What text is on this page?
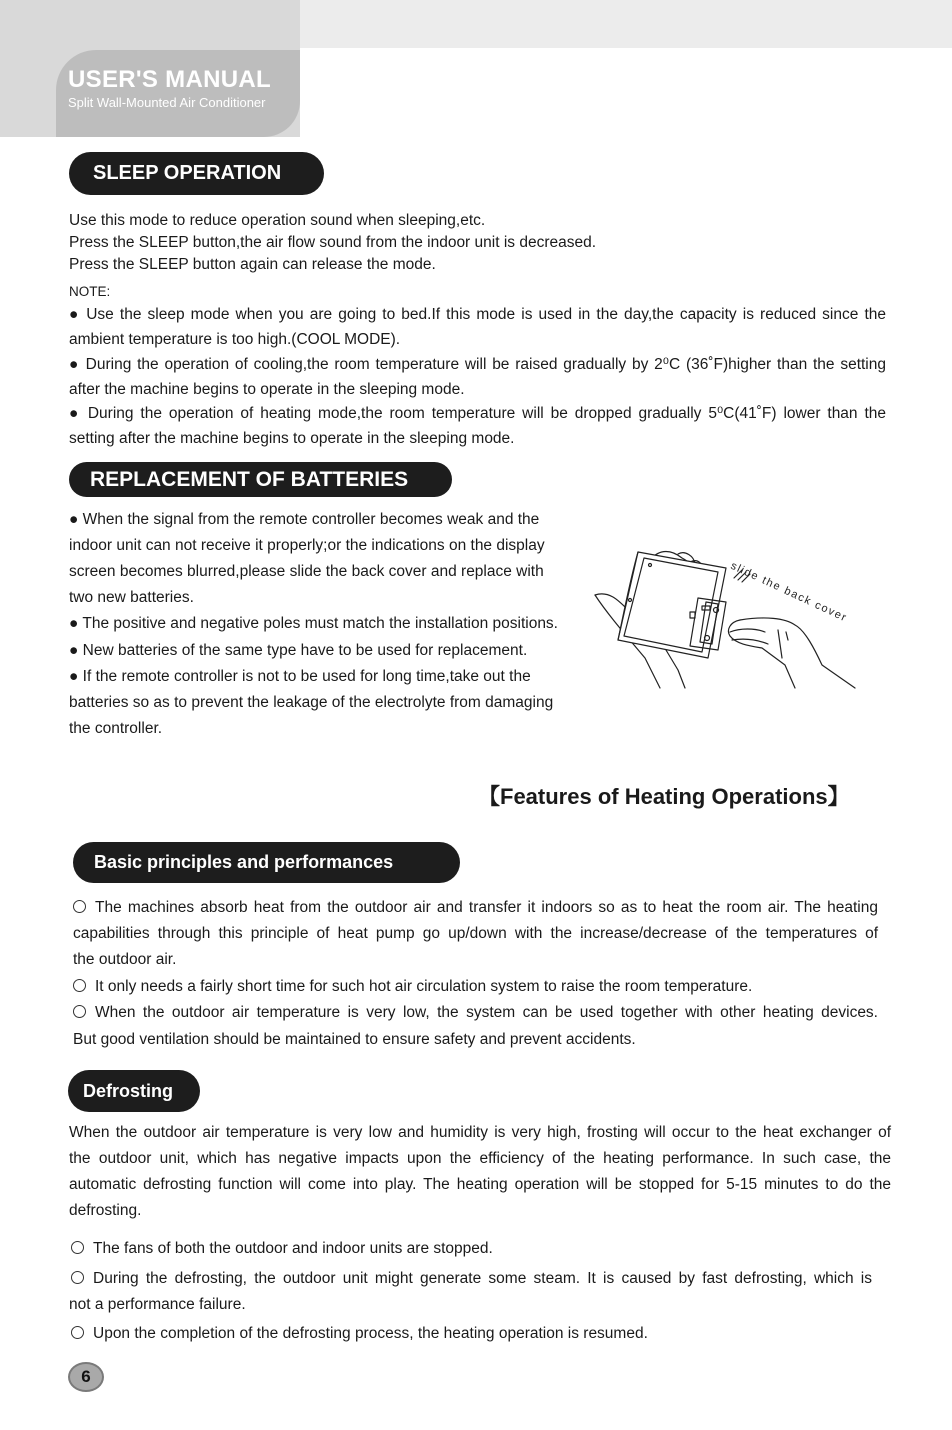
USER'S MANUAL
Split Wall-Mounted Air Conditioner
SLEEP OPERATION
Use this mode to reduce operation sound when sleeping,etc.
Press the SLEEP button,the air flow sound from the indoor unit is decreased.
Press the SLEEP button again can release the mode.
NOTE:
● Use the sleep mode when you are going to bed.If this mode is used in the day,the capacity is reduced since the
ambient temperature is too high.(COOL MODE).
● During the operation of cooling,the room temperature will be raised gradually by 2⁰C (36˚F)higher than the setting
after the machine begins to operate in the sleeping mode.
● During the operation of heating mode,the room temperature will be dropped gradually 5⁰C(41˚F) lower than the
setting after the machine begins to operate in the sleeping mode.
REPLACEMENT OF BATTERIES
● When the signal from the remote controller becomes weak and the
indoor unit can not receive it properly;or the indications on the display
screen becomes blurred,please slide the back cover and replace with
two new batteries.
● The positive and negative poles must match the installation positions.
● New batteries of the same type have to be used for replacement.
● If the remote controller is not to be used for long time,take out the
batteries so as to prevent the leakage of the electrolyte from damaging
the controller.
slide the back cover
【Features of Heating Operations】
Basic principles and performances
The machines absorb heat from the outdoor air and transfer it indoors so as to heat the room air. The heating
capabilities through this principle of heat pump go up/down with the increase/decrease of the temperatures of
the outdoor air.
It only needs a fairly short time for such hot air circulation system to raise the room temperature.
When the outdoor air temperature is very low, the system can be used together with other heating devices.
But good ventilation should be maintained to ensure safety and prevent accidents.
Defrosting
When the outdoor air temperature is very low and humidity is very high, frosting will occur to the heat exchanger of
the outdoor unit, which has negative impacts upon the efficiency of the heating performance. In such case, the
automatic defrosting function will come into play. The heating operation will be stopped for 5-15 minutes to do the
defrosting.
The fans of both the outdoor and indoor units are stopped.
During the defrosting, the outdoor unit might generate some steam. It is caused by fast defrosting, which is
not a performance failure.
Upon the completion of the defrosting process, the heating operation is resumed.
6
